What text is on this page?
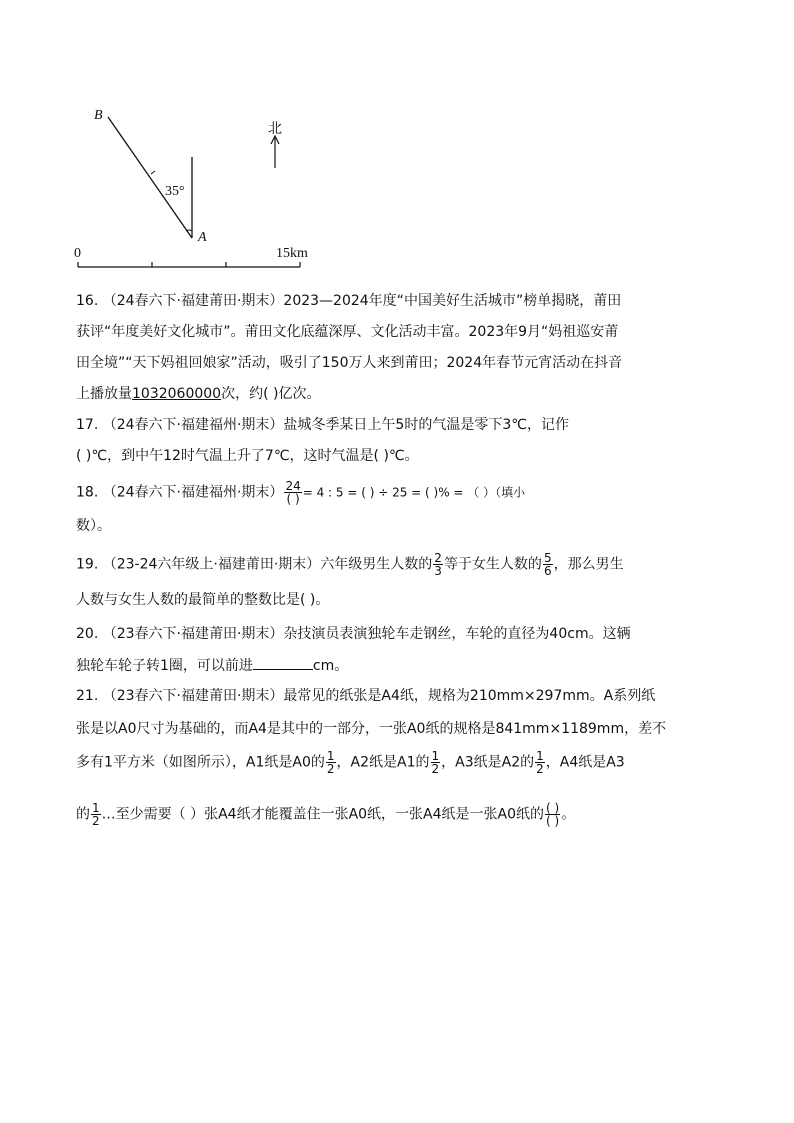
B
A
35°
北
0	15km
16. （24春六下·福建莆田·期末）2023—2024年度“中国美好生活城市”榜单揭晓，莆田
获评“年度美好文化城市”。莆田文化底蕴深厚、文化活动丰富。2023年9月“妈祖巡安莆
田全境”“天下妈祖回娘家”活动，吸引了150万人来到莆田；2024年春节元宵活动在抖音
上播放量1032060000次，约( )亿次。
17. （24春六下·福建福州·期末）盐城冬季某日上午5时的气温是零下3℃，记作
( )℃，到中午12时气温上升了7℃，这时气温是( )℃。
18. （24春六下·福建福州·期末） $\frac{24}{( )} = 4$ : 5 = ( ) ÷ 25 = ( )% = （ ）（填小
数）。
19. （23-24六年级上·福建莆田·期末）六年级男生人数的 $\frac{2}{3}$ 等于女生人数的 $\frac{5}{6}$ ，那么男生
人数与女生人数的最简单的整数比是( )。
20. （23春六下·福建莆田·期末）杂技演员表演独轮车走钢丝，车轮的直径为40cm。这辆
独轮车轮子转1圈，可以前进	cm。
21. （23春六下·福建莆田·期末）最常见的纸张是A4纸，规格为210mm×297mm。A系列纸
张是以A0尺寸为基础的，而A4是其中的一部分，一张A0纸的规格是841mm×1189mm，差不
多有1平方米（如图所示），A1纸是A0的 $\frac{1}{2}$ ，A2纸是A1的 $\frac{1}{2}$ ，A3纸是A2的 $\frac{1}{2}$ ，A4纸是A3
的 $\frac{1}{2}$ …至少需要（ ）张A4纸才能覆盖住一张A0纸，一张A4纸是一张A0纸的 $\frac{( )}{( )}$ 。
